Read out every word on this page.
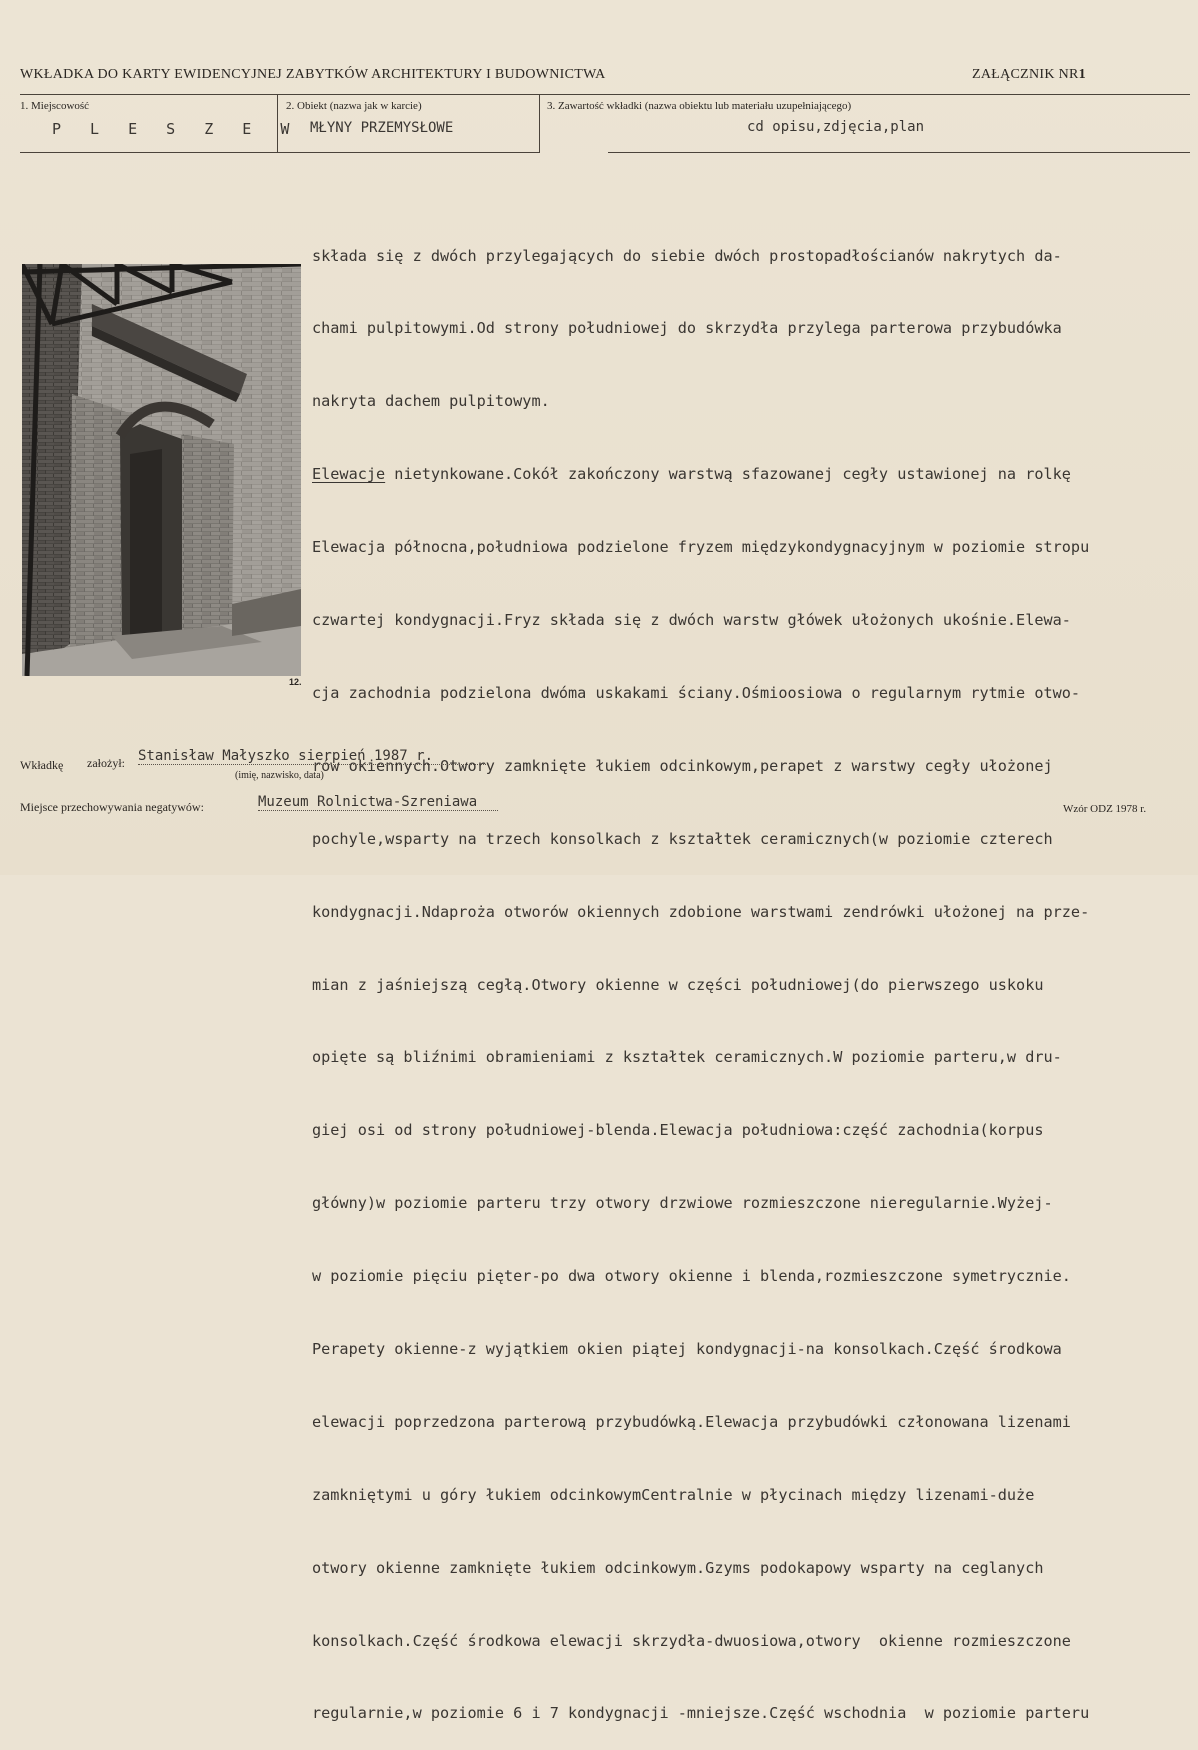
WKŁADKA DO KARTY EWIDENCYJNEJ ZABYTKÓW ARCHITEKTURY I BUDOWNICTWA	ZAŁĄCZNIK NR1
1. Miejscowość	2. Obiekt (nazwa jak w karcie)	3. Zawartość wkładki (nazwa obiektu lub materiału uzupełniającego)
P L E S Z E W MŁYNY PRZEMYSŁOWE	cd opisu,zdjęcia,plan
12.

składa się z dwóch przylegających do siebie dwóch prostopadłościanów nakrytych da-

chami pulpitowymi.Od strony południowej do skrzydła przylega parterowa przybudówka

nakryta dachem pulpitowym.

Elewacje nietynkowane.Cokół zakończony warstwą sfazowanej cegły ustawionej na rolkę

Elewacja północna,południowa podzielone fryzem międzykondygnacyjnym w poziomie stropu

czwartej kondygnacji.Fryz składa się z dwóch warstw główek ułożonych ukośnie.Elewa-

cja zachodnia podzielona dwóma uskakami ściany.Ośmioosiowa o regularnym rytmie otwo-

rów okiennych.Otwory zamknięte łukiem odcinkowym,perapet z warstwy cegły ułożonej

pochyle,wsparty na trzech konsolkach z kształtek ceramicznych(w poziomie czterech

kondygnacji.Ndaproża otworów okiennych zdobione warstwami zendrówki ułożonej na prze-

mian z jaśniejszą cegłą.Otwory okienne w części południowej(do pierwszego uskoku

opięte są bliźnimi obramieniami z kształtek ceramicznych.W poziomie parteru,w dru-

giej osi od strony południowej-blenda.Elewacja południowa:część zachodnia(korpus

główny)w poziomie parteru trzy otwory drzwiowe rozmieszczone nieregularnie.Wyżej-

w poziomie pięciu pięter-po dwa otwory okienne i blenda,rozmieszczone symetrycznie.

Perapety okienne-z wyjątkiem okien piątej kondygnacji-na konsolkach.Część środkowa

elewacji poprzedzona parterową przybudówką.Elewacja przybudówki członowana lizenami

zamkniętymi u góry łukiem odcinkowymCentralnie w płycinach między lizenami-duże

otwory okienne zamknięte łukiem odcinkowym.Gzyms podokapowy wsparty na ceglanych

konsolkach.Część środkowa elewacji skrzydła-dwuosiowa,otwory  okienne rozmieszczone

regularnie,w poziomie 6 i 7 kondygnacji -mniejsze.Część wschodnia  w poziomie parteru

Wkładkę założył: Stanisław Małyszko sierpień 1987 r.
(imię, nazwisko, data)
Miejsce przechowywania negatywów:	Muzeum Rolnictwa-Szreniawa	Wzór ODZ 1978 r.
